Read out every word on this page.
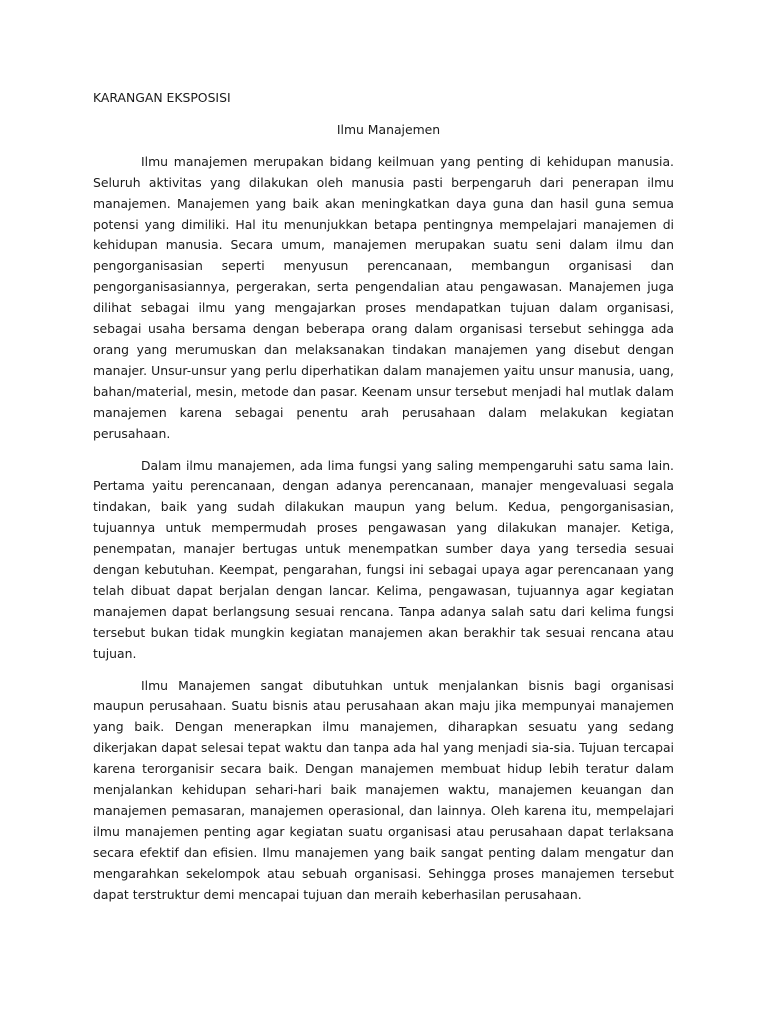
KARANGAN EKSPOSISI

Ilmu Manajemen

Ilmu manajemen merupakan bidang keilmuan yang penting di kehidupan manusia. Seluruh aktivitas yang dilakukan oleh manusia pasti berpengaruh dari penerapan ilmu manajemen. Manajemen yang baik akan meningkatkan daya guna dan hasil guna semua potensi yang dimiliki. Hal itu menunjukkan betapa pentingnya mempelajari manajemen di kehidupan manusia. Secara umum, manajemen merupakan suatu seni dalam ilmu dan pengorganisasian seperti menyusun perencanaan, membangun organisasi dan pengorganisasiannya, pergerakan, serta pengendalian atau pengawasan. Manajemen juga dilihat sebagai ilmu yang mengajarkan proses mendapatkan tujuan dalam organisasi, sebagai usaha bersama dengan beberapa orang dalam organisasi tersebut sehingga ada orang yang merumuskan dan melaksanakan tindakan manajemen yang disebut dengan manajer. Unsur-unsur yang perlu diperhatikan dalam manajemen yaitu unsur manusia, uang, bahan/material, mesin, metode dan pasar. Keenam unsur tersebut menjadi hal mutlak dalam manajemen karena sebagai penentu arah perusahaan dalam melakukan kegiatan perusahaan.

Dalam ilmu manajemen, ada lima fungsi yang saling mempengaruhi satu sama lain. Pertama yaitu perencanaan, dengan adanya perencanaan, manajer mengevaluasi segala tindakan, baik yang sudah dilakukan maupun yang belum. Kedua, pengorganisasian, tujuannya untuk mempermudah proses pengawasan yang dilakukan manajer. Ketiga, penempatan, manajer bertugas untuk menempatkan sumber daya yang tersedia sesuai dengan kebutuhan. Keempat, pengarahan, fungsi ini sebagai upaya agar perencanaan yang telah dibuat dapat berjalan dengan lancar. Kelima, pengawasan, tujuannya agar kegiatan manajemen dapat berlangsung sesuai rencana. Tanpa adanya salah satu dari kelima fungsi tersebut bukan tidak mungkin kegiatan manajemen akan berakhir tak sesuai rencana atau tujuan.

Ilmu Manajemen sangat dibutuhkan untuk menjalankan bisnis bagi organisasi maupun perusahaan. Suatu bisnis atau perusahaan akan maju jika mempunyai manajemen yang baik. Dengan menerapkan ilmu manajemen, diharapkan sesuatu yang sedang dikerjakan dapat selesai tepat waktu dan tanpa ada hal yang menjadi sia-sia. Tujuan tercapai karena terorganisir secara baik. Dengan manajemen membuat hidup lebih teratur dalam menjalankan kehidupan sehari-hari baik manajemen waktu, manajemen keuangan dan manajemen pemasaran, manajemen operasional, dan lainnya. Oleh karena itu, mempelajari ilmu manajemen penting agar kegiatan suatu organisasi atau perusahaan dapat terlaksana secara efektif dan efisien. Ilmu manajemen yang baik sangat penting dalam mengatur dan mengarahkan sekelompok atau sebuah organisasi. Sehingga proses manajemen tersebut dapat terstruktur demi mencapai tujuan dan meraih keberhasilan perusahaan.
